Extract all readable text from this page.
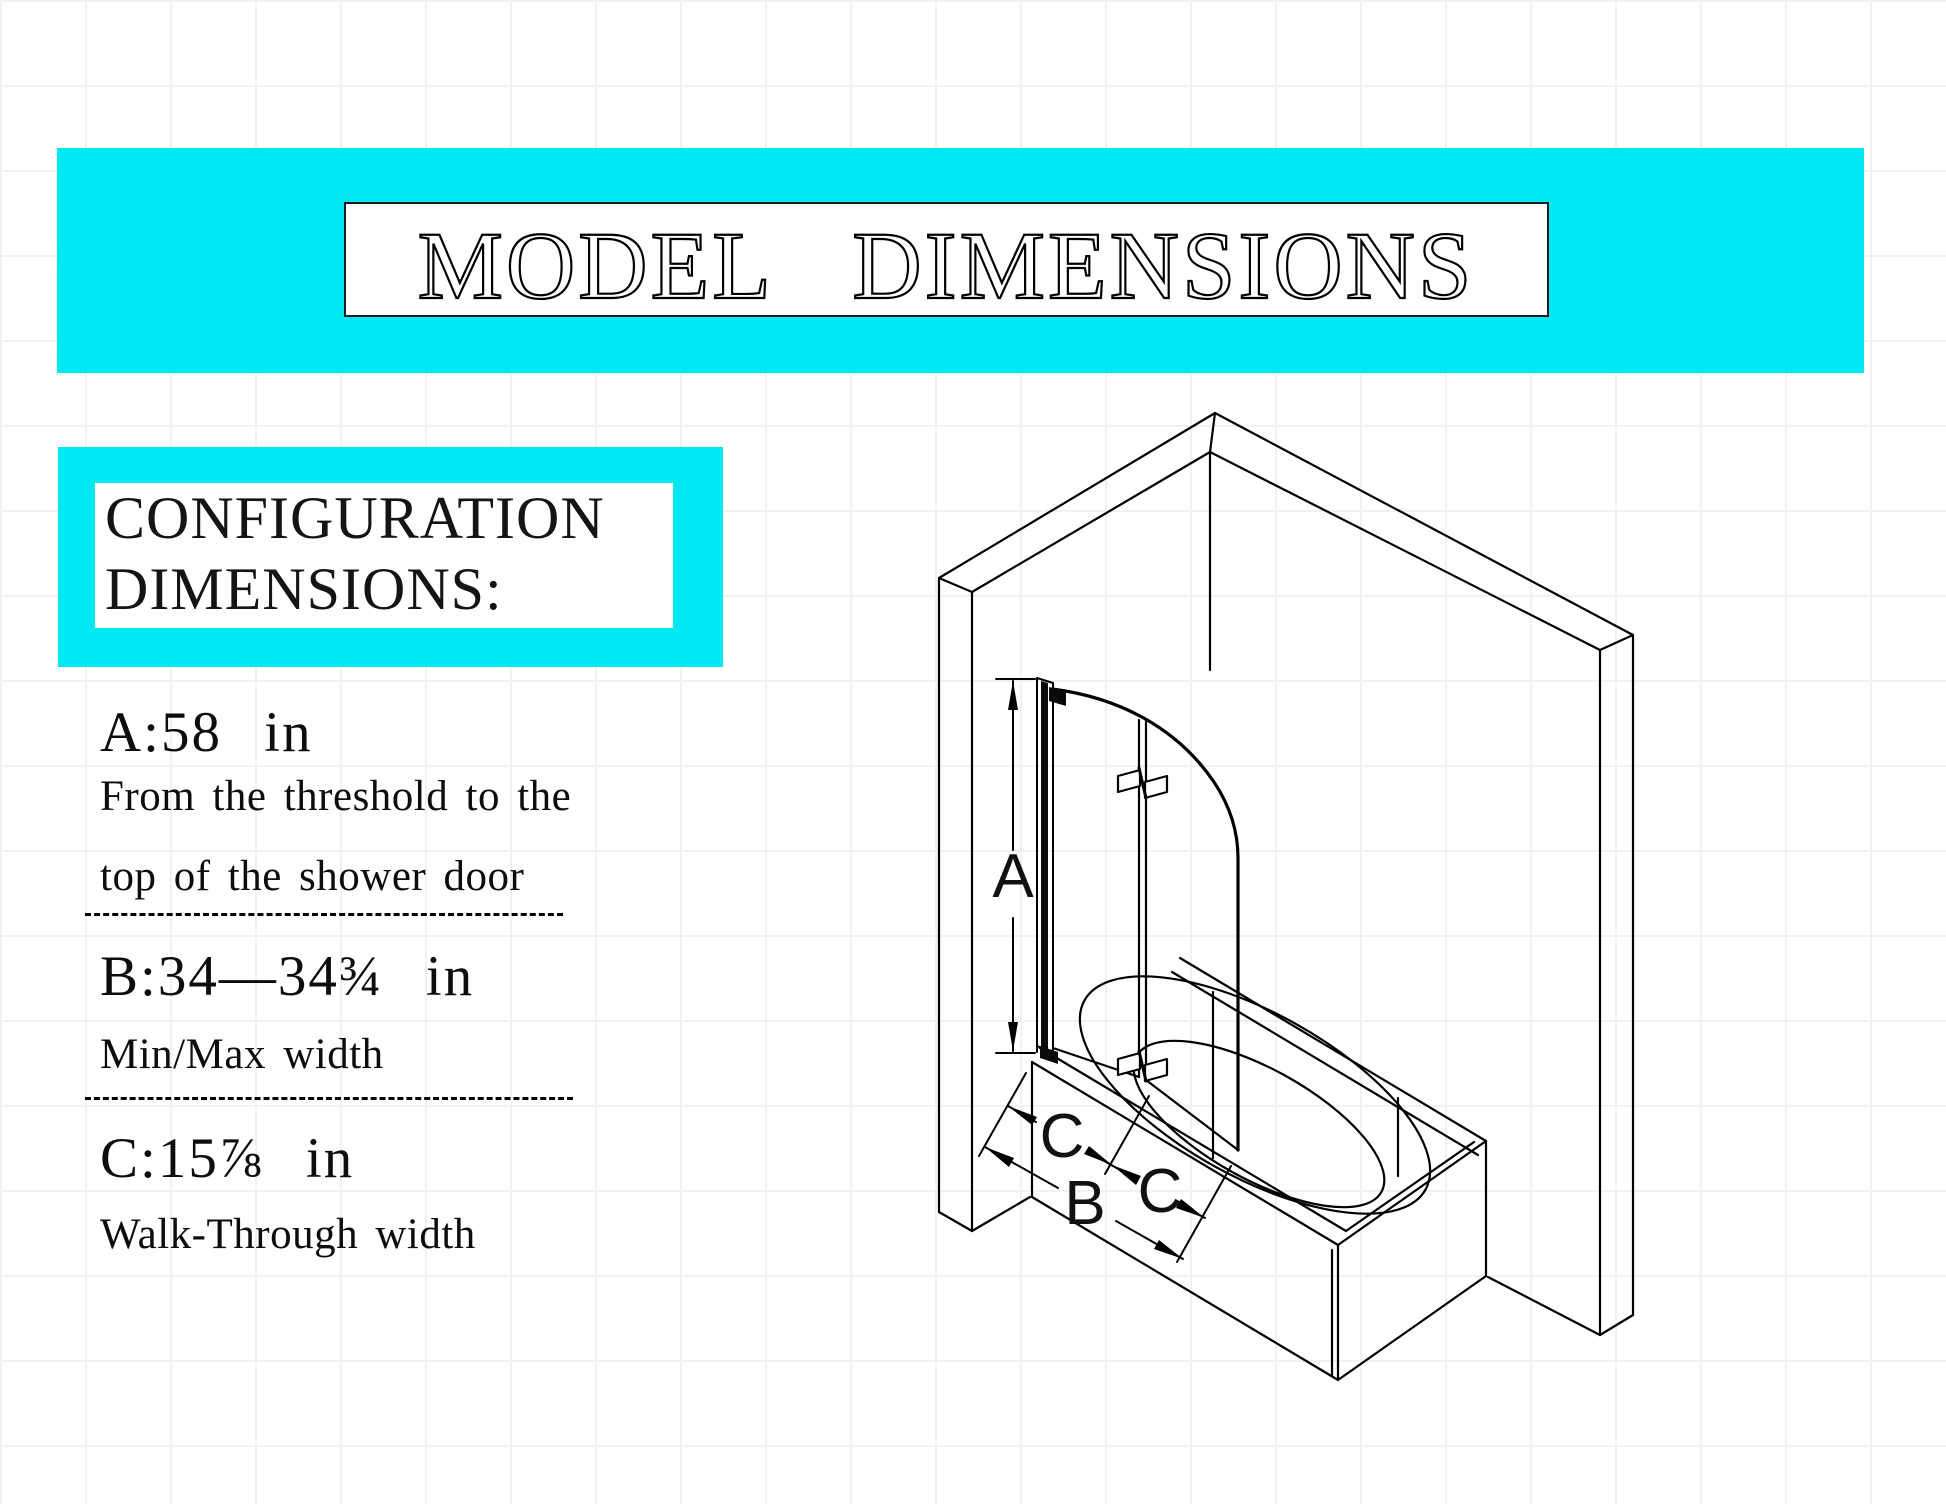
MODEL DIMENSIONS

CONFIGURATION

DIMENSIONS:

A:58 in
From the threshold to the
top of the shower door
B:34—34¾ in
Min/Max width
C:15⅞ in
Walk-Through width
A
C
C
B
